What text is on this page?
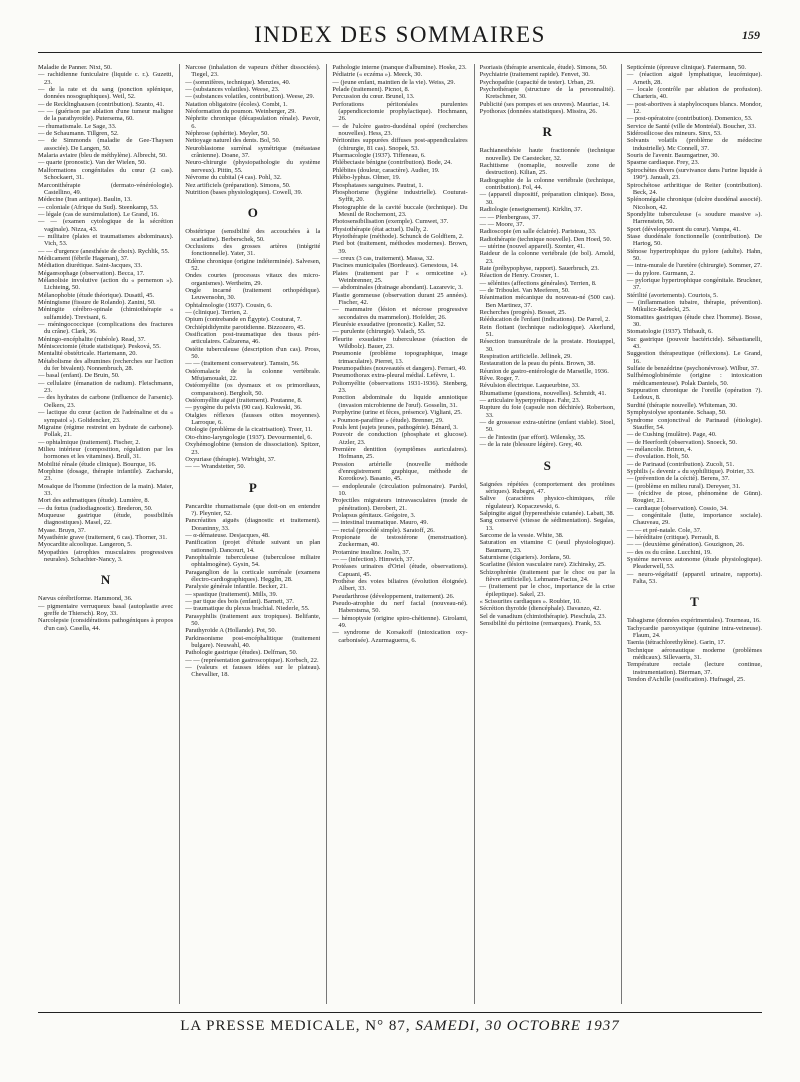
INDEX DES SOMMAIRES	159
Maladie de Panner. Nixt, 50.
— rachidienne funiculaire (liquide c. r.). Guzetti, 23.
— de la rate et du sang (ponction splénique, données nosographiques). Weil, 52.
— de Recklinghausen (contribution). Szanto, 41.
— — (guérison par ablation d'une tumeur maligne de la parathyroïde). Putersema, 60.
— rhumatismale. Le Sage, 33.
— de Schaumann. Tillgren, 52.
— de Simmonds (maladie de Gee-Thaysen associée). De Langen, 50.
Malaria aviaire (bleu de méthylène). Albrecht, 50.
— quarte (pronostic). Van der Wielen, 50.
Malformations congénitales du cœur (2 cas). Schockaert, 31.
Marconithérapie (dermato-vénéréologie). Castellino, 49.
Médecine (Iran antique). Baulin, 13.
— coloniale (Afrique du Sud). Steenkamp, 53.
— légale (cas de sursimulation). Le Grand, 16.
— — (examen cytologique de la sécrétion vaginale). Nizza, 43.
— militaire (plaies et traumatismes abdominaux). Vich, 53.
— — d'urgence (anesthésie de choix). Rychlik, 55.
Médicament (fébrile Hagenan), 37.
Médiation diurétique. Saint-Jacques, 33.
Mégaœsophage (observation). Becca, 17.
Mélanolisie involutive (action du « pernemon »). Lichteing, 50.
Mélanophobie (étude théorique). Dusattl, 45.
Méningisme (fissure de Rolando). Zanini, 50.
Méningite cérébro-spinale (chimiothérapie « sulfamide). Trevisani, 6.
— méningococcique (complications des fractures du crâne). Clark, 36.
Méningo-encéphalite (rubéole). Read, 37.
Méniscectomie (étude statistique). Pesková, 55.
Mentalité obstétricale. Hartemann, 20.
Métabolisme des albumines (recherches sur l'action du fer bivalent). Nonnenbruch, 28.
— basal (enfant). De Bruin, 50.
— cellulaire (émanation de radium). Fleischmann, 23.
— des hydrates de carbone (influence de l'arsenic). Oelkers, 23.
— lactique du cœur (action de l'adrénaline et du « sympatol »). Goltdencker, 23.
Migraine (régime restreint en hydrate de carbone). Pollak, 21.
— ophtalmique (traitement). Fischer, 2.
Milieu intérieur (composition, régulation par les hormones et les vitamines). Brull, 31.
Mobilité rénale (étude clinique). Bourque, 16.
Morphine (dosage, thérapie infantile). Zacharski, 23.
Mosaïque de l'homme (infection de la main). Maier, 33.
Mort des asthmatiques (étude). Lumière, 8.
— du fœtus (radiodiagnostic). Brederon, 50.
Muqueuse gastrique (étude, possibilités diagnostiques). Masel, 22.
Myase. Bruyn, 37.
Myasthénie grave (traitement, 6 cas). Thorner, 31.
Myocardite alcoolique. Langeron, 5.
Myopathies (atrophies musculaires progressives neurales). Schachter-Nancy, 3.
N
Nævus cérébriforme. Hammond, 36.
— pigmentaire verruqueux basal (autoplastie avec greffe de Thiersch). Roy, 33.
Narcolepsie (considérations pathogéniques à propos d'un cas). Casella, 44.
Narcose (inhalation de vapeurs d'éther dissociées). Tiegel, 23.
— (somnifères, technique). Menzies, 40.
— (substances volatiles). Weese, 23.
— (substances volatiles, contribution). Weese, 29.
Natation obligatoire (écoles). Combt, 1.
Néoformation du poumon. Weinberger, 29.
Néphrite chronique (décapsulation rénale). Pavoir, 6.
Néphrose (sphérite). Meyler, 50.
Nettoyage naturel des dents. Bol, 50.
Neuroblastome surrénal symétrique (métastase crânienne). Doane, 37.
Neuro-chirurgie (physiopathologie du système nerveux). Pittin, 55.
Névrome du cubital (4 cas). Pohl, 32.
Nez artificiels (préparation). Simons, 50.
Nutrition (bases physiologiques). Cowell, 39.
O
Obstétrique (sensibilité des accouchées à la scarlatine). Berberschek, 50.
Occlusions des grosses artères (intégrité fonctionnelle). Yater, 31.
Œdème chronique (origine indéterminée). Salvesen, 52.
Ondes courtes (processus vitaux des micro-organismes). Wertheim, 29.
Ongle incarné (traitement orthopédique). Leuwensohn, 30.
Ophtalmologie (1937). Cousin, 6.
— (clinique). Terrien, 2.
Opium (contrebande en Égypte). Couturat, 7.
Orchiépididymite parotidienne. Bizzozero, 45.
Ossification post-traumatique des tissus péri-articulaires. Calzarena, 46.
Ostéite tuberculeuse (description d'un cas). Pross, 50.
— — (traitement conservateur). Tamsin, 56.
Ostéomalacie de la colonne vertébrale. Mfujamouakt, 22.
Ostéomyélite (os dysmaux et os primordiaux, comparaison). Bergholt, 50.
Ostéomyélite aiguë (traitement). Poutanne, 8.
— pyogène du pelvis (90 cas). Kulowski, 36.
Otalgies réflexes (fausses otites moyennes). Larroque, 6.
Otologie (problème de la cicatrisation). Treer, 11.
Oto-rhino-laryngologie (1937). Devourmentel, 6.
Oxyhémoglobine (tension de dissociation). Spitzer, 23.
Oxyuriase (thérapie). Wirbight, 37.
— — Wrandstetter, 50.
P
Pancardite rhumatismale (que doit-on en entendre ?). Pleynier, 52.
Pancréatites aiguës (diagnostic et traitement). Doraninny, 33.
— α-démateuse. Desjacques, 48.
Panification (projet d'étude suivant un plan rationnel). Dancourt, 14.
Panophtalmie tuberculeuse (tuberculose miliaire ophtalmogène). Gysin, 54.
Paraganglion de la corticale surrénale (examens électro-cardiographiques). Hegglin, 28.
Paralysie générale infantile. Becker, 21.
— spastique (traitement). Mills, 39.
— par tique des bois (enfant). Barnett, 37.
— traumatique du plexus brachial. Niederle, 55.
Parasyphilis (traitement aux tropiques). Belifante, 50.
Parathyroïde A (Hollande). Pot, 50.
Parkinsonisme post-encéphalitique (traitement bulgare). Neuwahl, 40.
Pathologie gastrique (études). Delfman, 50.
— — (représentation gastroscopique). Korbsch, 22.
— (valeurs et fausses idées sur le plateau). Chevallier, 18.
Pathologie interne (manque d'albumine). Hoske, 23.
Pédiatrie (« eczéma »). Meeck, 30.
— (jeune enfant, maintien de la vie). Weiss, 29.
Pelade (traitement). Picnot, 8.
Percussion du cœur. Brunel, 13.
Perforations péritonéales purulentes (appendicectomie prophylactique). Hochmann, 26.
— de l'ulcère gastro-duodénal opéré (recherches nouvelles). Hess, 23.
Péritonites suppurées diffuses post-appendiculaires (chirurgie, 81 cas). Snopek, 53.
Pharmacologie (1937). Tiffeneau, 6.
Phlébectasie bénigne (contribution). Bode, 24.
Phlébites (douleur, caractère). Audier, 19.
Phlébo-lyphus. Olmer, 19.
Phosphatases sanguines. Pautrat, 1.
Phosphorisme (hygiène industrielle). Couturat-Syffit, 20.
Photographie de la cavité buccale (technique). Du Mesnil de Rochemont, 23.
Photosensibilisation (exemple). Cumwet, 37.
Physiothérapie (état actuel). Dally, 2.
Phytothérapie (méthode). Schunck de Goldfiem, 2.
Pied bot (traitement, méthodes modernes). Brown, 39.
— creux (3 cas, traitement). Massa, 32.
Piscines municipales (Bordeaux). Genestous, 14.
Plaies (traitement par l' « ormicetine »). Weinbrenner, 25.
— abdominales (drainage abondant). Lazarevic, 3.
Plastie gommeuse (observation durant 25 années). Fischer, 42.
— mammaire (lésion et nécrose progressive secondaires du mammelon). Hofelder, 26.
Pleurésie exsudative (pronostic). Kaller, 52.
— purulente (chirurgie). Valach, 55.
Pleurite exsudative tuberculeuse (réaction de Wildbolz). Bauer, 23.
Pneumonie (problème topographique, image trimaculaire). Pierret, 13.
Pneumopathies (nouveautés et dangers). Ferrari, 49.
Pneumothorax extra-pleural médial. Lefèvre, 1.
Poliomyélite (observations 1931-1936). Stenberg, 23.
Ponction abdominale du liquide amniotique (invasion microbienne de l'œuf). Gosselin, 31.
Porphyrine (urine et fèces, présence). Vigliani, 25.
« Poumon-paraffine » (étude). Brenner, 29.
Pouls lent (sujets jeunes, pathogénie). Bénard, 3.
Pouvoir de conduction (phosphate et glucose). Atzler, 23.
Première dentition (symptômes auriculaires). Hofmann, 25.
Pression artérielle (nouvelle méthode d'enregistrement graphique, méthode de Korotkow). Basanio, 45.
— endopleurale (circulation pulmonaire). Pardol, 10.
Projectiles migrateurs intravasculaires (mode de pénétration). Derobert, 21.
Prolapsus génitaux. Grégoire, 3.
— intestinal traumatique. Mauro, 49.
— rectal (procédé simple). Saratoff, 26.
Propionate de testostérone (menstruation). Zuckerman, 40.
Protamine insuline. Joslin, 37.
— — (infection). Himwich, 37.
Protéases urinaires d'Oriel (étude, observations). Capuani, 45.
Prothèse des voies biliaires (évolution éloignée). Albert, 33.
Pseudarthrose (développement, traitement). 26.
Pseudo-atrophie du nerf facial (nouveau-né). Haberstsma, 50.
— hémoptysie (origine spiro-chétienne). Girolami, 49.
— syndrome de Korsakoff (intoxication oxy-carbonisée). Azurmaguerra, 6.
Psoriasis (thérapie arsenicale, étude). Simons, 50.
Psychiatrie (traitement rapide). Fenvet, 30.
Psychopathie (capacité de tester). Urban, 29.
Psychothérapie (structure de la personnalité). Kretschmer, 30.
Publicité (ses pompes et ses œuvres). Mauriac, 14.
Pyothorax (données statistiques). Missira, 26.
R
Rachianesthésie haute fractionnée (technique nouvelle). De Caestecker, 32.
Rachitisme (nomaplie, nouvelle zone de destruction). Kilian, 25.
Radiographie de la colonne vertébrale (technique, contribution). Fol, 44.
— (appareil dispositif, préparation clinique). Boss, 30.
Radiologie (enseignement). Kirklin, 37.
— — Pfenbergrass, 37.
— — Moore, 37.
Radioscopie (en salle éclairée). Paristeau, 33.
Radiothérapie (technique nouvelle). Den Hoed, 50.
— utérine (nouvel appareil). Szenter, 41.
Raideur de la colonne vertébrale (de bol). Arnold, 23.
Rate (préhypophyse, rapport). Sauerbruch, 23.
Réaction de Henry. Crosner, 1.
— sélénites (affections générales). Terrien, 8.
— de Triboulet. Van Meeferen, 50.
Réanimation mécanique du nouveau-né (500 cas). Ben Martinez, 37.
Recherches (progrès). Bosset, 25.
Rééducation de l'enfant (indications). De Parrel, 2.
Rein flottant (technique radiologique). Akerlund, 51.
Résection transurétrale de la prostate. Houtappel, 30.
Respiration artificielle. Jellinek, 29.
Restauration de la peau du pénis. Brown, 38.
Réunion de gastro-entérologie de Marseille, 1936.
Rêve. Roger, 7.
Révulsion électrique. Laqueurbine, 33.
Rhumatisme (questions, nouvelles). Schmidt, 41.
— articulaire hyperpyrétique. Fahr, 23.
Rupture du foie (capsule non déchirée). Robertson, 33.
— de grossesse extra-utérine (enfant viable). Stoel, 50.
— de l'intestin (par effort). Wilensky, 35.
— de la rate (blessure légère). Grey, 40.
S
Saignées répétées (comportement des protéines sériques). Rubegni, 47.
Salive (caractères physico-chimiques, rôle régulateur). Kopaczewski, 6.
Salpingite aiguë (hyperesthésie cutanée). Labatt, 38.
Sang conservé (vitesse de sédimentation). Segalas, 13.
Sarcome de la vessie. White, 38.
Saturation en vitamine C (seuil physiologique). Baumann, 23.
Saturnisme (cigariers). Jordans, 50.
Scarlatine (lésion vasculaire rare). Zichinsky, 25.
Schizophrénie (traitement par le choc ou par la fièvre artificielle). Lehmann-Facius, 24.
— (traitement par le choc, importance de la crise épileptique). Sakel, 23.
« Scissurites cardiaques ». Roubier, 10.
Sécrétion thyroïde (diencéphale). Davanzo, 42.
Sel de vanadium (chimiothérapie). Pieschula, 23.
Sensibilité du péritoine (remarques). Frank, 53.
Septicémie (épreuve clinique). Fatermann, 50.
— (réaction aiguë lymphatique, leucémique). Arneth, 28.
— locale (contrôle par ablation de profusion). Charteris, 40.
— post-abortives à staphylocoques blancs. Mondor, 12.
— post-opératoire (contribution). Domenico, 53.
Service de Santé (ville de Montréal). Boucher, 33.
Sidérosilicose des mineurs. Sinx, 53.
Solvants volatils (problème de médecine industrielle). Mc Connell, 37.
Souris de l'avenir. Baumgartner, 30.
Spasme cardiaque. Frey, 23.
Spirochètes divers (survivance dans l'urine liquide à 190°). Januali, 23.
Spirochétose arthritique de Reiter (contribution). Beck, 24.
Splénomégalie chronique (ulcère duodénal associé). Nicolson, 42.
Spondylite tuberculeuse (« soudure massive »). Harrenstein, 50.
Sport (développement du cœur). Vampa, 41.
Stase duodénale fonctionnelle (contribution). De Hartog, 50.
Sténose hypertrophique du pylore (adulte). Hahn, 50.
— intra-murale de l'uretère (chirurgie). Sommer, 27.
— du pylore. Gurmann, 2.
— pylorique hypertrophique congénitale. Bruckner, 37.
Stérilité (avortements). Courtois, 5.
— (inflammation tubaire, thérapie, prévention). Mikulicz-Radecki, 25.
Stomatites gastriques (étude chez l'homme). Bosse, 30.
Stomatologie (1937). Thibault, 6.
Suc gastrique (pouvoir bactéricide). Sébastianelli, 43.
Suggestion thérapeutique (réflexions). Le Grand, 16.
Sulfate de benzédrine (psychonévrose). Wilbur, 37.
Sulfhémoglobinémie (origine : intoxication médicamenteuse). Polak Daniels, 50.
Suppuration chronique de l'oreille (opération ?). Ledoux, 8.
Surdité (thérapie nouvelle). Whiteman, 30.
Symphysiolyse spontanée. Schaap, 50.
Syndrome conjonctival de Parinaud (étiologie). Stauffer, 54.
— de Cushing (mulâtre). Page, 40.
— de Heerfordt (observation). Snoeck, 50.
— mélancolie. Brinon, 4.
— d'ovulation. Holt, 50.
— de Parinaud (contribution). Zucoli, 51.
Syphilis (« devenir » du syphilitique). Poirier, 33.
— (prévention de la cécité). Berens, 37.
— (problème en milieu rural). Dereyser, 31.
— (récidive de ptose, phénomène de Günn). Rougier, 21.
— cardiaque (observation). Cossio, 34.
— congénitale (lutte, importance sociale). Chauveau, 29.
— — et pré-natale. Cole, 37.
— héréditaire (critique). Perrault, 8.
— — (deuxième génération). Gouzignon, 26.
— des os du crâne. Lucchini, 19.
Système nerveux autonome (étude physiologique). Pleaderwell, 53.
— neuro-végétatif (appareil urinaire, rapports). Falta, 53.
T
Tabagisme (données expérimentales). Tourneau, 16.
Tachycardie paroxystique (quinine intra-veineuse). Flaum, 24.
Taenia (tétrachlorethylène). Garin, 17.
Technique aéronautique moderne (problèmes médicaux). Sillevaerts, 31.
Température rectale (lecture continue, instrumentation). Bierman, 37.
Tendon d'Achille (ossification). Hufnagel, 25.
LA PRESSE MEDICALE, N° 87, SAMEDI, 30 OCTOBRE 1937
